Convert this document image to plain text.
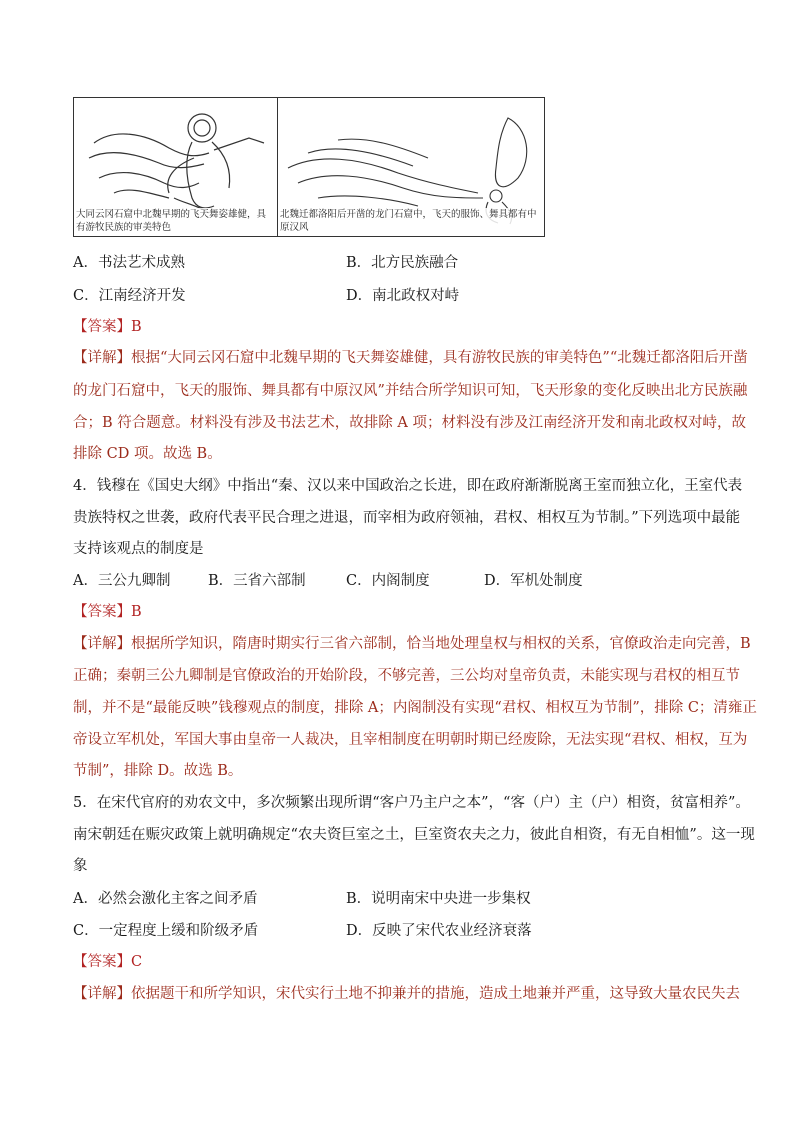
大同云冈石窟中北魏早期的飞天舞姿雄健，具有游牧民族的审美特色
北魏迁都洛阳后开凿的龙门石窟中，飞天的服饰、舞具都有中原汉风
A．书法艺术成熟	B．北方民族融合
C．江南经济开发	D．南北政权对峙
【答案】B
【详解】根据“大同云冈石窟中北魏早期的飞天舞姿雄健，具有游牧民族的审美特色”“北魏迁都洛阳后开凿
的龙门石窟中，飞天的服饰、舞具都有中原汉风”并结合所学知识可知，飞天形象的变化反映出北方民族融
合；B 符合题意。材料没有涉及书法艺术，故排除 A 项；材料没有涉及江南经济开发和南北政权对峙，故
排除 CD 项。故选 B。
4．钱穆在《国史大纲》中指出“秦、汉以来中国政治之长进，即在政府渐渐脱离王室而独立化，王室代表
贵族特权之世袭，政府代表平民合理之进退，而宰相为政府领袖，君权、相权互为节制。”下列选项中最能
支持该观点的制度是
A．三公九卿制	B．三省六部制	C．内阁制度	D．军机处制度
【答案】B
【详解】根据所学知识，隋唐时期实行三省六部制，恰当地处理皇权与相权的关系，官僚政治走向完善，B
正确；秦朝三公九卿制是官僚政治的开始阶段，不够完善，三公均对皇帝负责，未能实现与君权的相互节
制，并不是“最能反映”钱穆观点的制度，排除 A；内阁制没有实现“君权、相权互为节制”，排除 C；清雍正
帝设立军机处，军国大事由皇帝一人裁决，且宰相制度在明朝时期已经废除，无法实现“君权、相权，互为
节制”，排除 D。故选 B。
5．在宋代官府的劝农文中，多次频繁出现所谓“客户乃主户之本”，“客（户）主（户）相资，贫富相养”。
南宋朝廷在赈灾政策上就明确规定“农夫资巨室之土，巨室资农夫之力，彼此自相资，有无自相恤”。这一现
象
A．必然会激化主客之间矛盾	B．说明南宋中央进一步集权
C．一定程度上缓和阶级矛盾	D．反映了宋代农业经济衰落
【答案】C
【详解】依据题干和所学知识，宋代实行土地不抑兼并的措施，造成土地兼并严重，这导致大量农民失去
